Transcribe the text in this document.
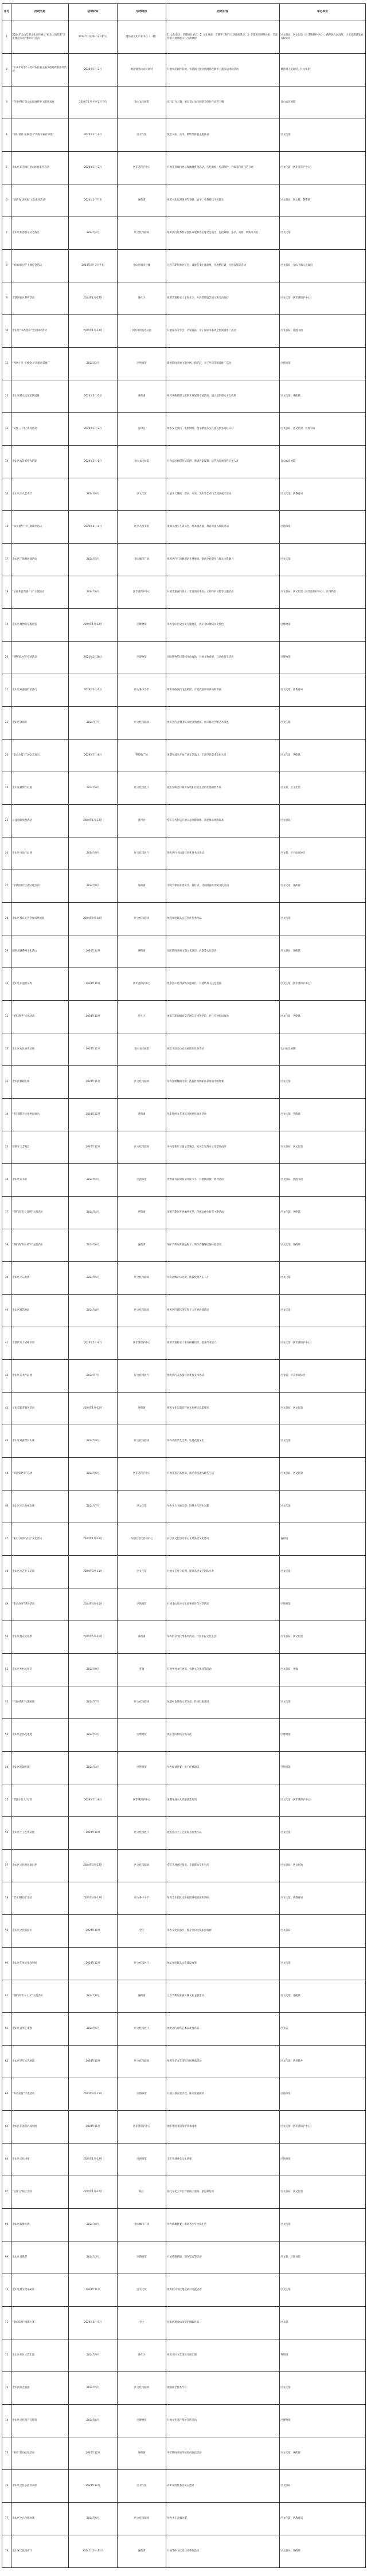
序号	活动名称	活动时间	活动地点	活动内容	举办单位
1	2024年金山非遗文化宣传展示“指尖上的非遗”非遗体验互动“金山年”活动	2024年1月20日-2月17日	漕泾镇文化产业中心（一楼）	1. 文化活动：非遗项目展示；2. 文化体验：非遗手工制作互动体验活动；3. 非遗项目进阶体验：非遗传承人现场展示与互动体验	区文旅局、区文化馆（区非遗保护中心）、漕泾镇人民政府、区文化旅游发展有限公司
2	“年来年有余”—金山农民画主题文创迎新春系列活动	2024年1月-2月	枫泾镇金山农民画村	开展农民画作品展、农民画主题文创展销及新年主题互动体验活动	枫泾镇人民政府、区文化馆
3	“喜龙纳福”金山农民画新春主题作品展	2024年1月中旬-2月下旬	金山农民画院	以“龙”为主题，展出金山农民画新春创作作品若干幅	金山农民画院
4	“辞旧迎新 福满金山”新春书画作品展	2024年1月-2月	区文化馆	展出书法、美术、摄影等新春主题作品	区文化馆
5	金山区非遗项目展示体验系列活动	2024年1月-2月	区非遗保护中心	开展非遗项目展示和体验系列活动，包括剪纸、灯彩制作、竹编等传统技艺互动	区文化馆（区非遗保护中心）
6	“迎新春 送祝福”文化惠民活动	2024年1月下旬	各街镇	组织书法家现场书写春联、福字，免费赠送市民群众	区文旅局、区文联、各街镇
7	金山区新春群众文艺演出	2024年2月	区文化馆剧场	组织区内优秀群文团队开展新春主题文艺演出，包括舞蹈、小品、戏曲、歌曲等节目	区文化馆
8	“欢乐闹元宵”主题灯会活动	2024年2月-2月下旬	金山区城市沙滩	元宵节期间举办灯会，设置各类主题灯组，开展猜灯谜、民俗表演等活动	区文旅局、金山卫镇人民政府
9	非遗进社区系列活动	2024年1月-12月	各社区	组织非遗传承人走进社区，开展非遗技艺展示和互动体验	区文化馆（区非遗保护中心）
10	金山区“书香金山”全民阅读活动	2024年1月-12月	区图书馆及各分馆	开展读书分享会、名家讲座、亲子阅读等系列全民阅读推广活动	区文旅局、区图书馆
11	“春风十里 书香金山”新春阅读推广	2024年2月	区图书馆	新春期间开展主题书展、猜灯谜、亲子共读等阅读推广活动	区图书馆
12	金山区群众文化团队展演	2024年3月-5月	各街镇	组织各街镇群文团队开展展演交流活动，展示基层群众文化成果	区文化馆、各街镇
13	“文化三下乡”系列活动	2024年1月-2月	各村居	组织文艺演出、电影放映、图书赠送等文化惠民服务进村入户	区文旅局、区文化馆、区图书馆
14	金山区农民画创作培训	2024年3月-6月	金山农民画院	开设农民画创作培训班，邀请名家授课，培养农民画创作后备人才	金山农民画院
15	金山区少儿艺术节	2024年6月	区文化馆	开展少儿舞蹈、器乐、声乐、美术等艺术门类展演展示活动	区文化馆、区教育局
16	“阅享童年”少儿阅读季活动	2024年6月-8月	区少儿图书馆	暑期开展少儿读书会、绘本剧表演、科普讲座等阅读活动	区图书馆
17	金山区广场舞展演活动	2024年5月	金山城市广场	组织区内广场舞团队开展展演，推动全民健身与群众文化融合	区文化馆
18	“文化和自然遗产日”主题活动	2024年6月	区非遗保护中心	开展非遗宣传展示、非遗项目体验、文物保护宣传等主题活动	区文旅局、区文化馆（区非遗保护中心）、区博物馆
19	金山区博物馆专题展览	2024年1月-12月	区博物馆	举办金山历史文化专题展览，展示金山地域文化特色	区博物馆
20	“博物馆之夜”夜场活动	2024年5月18日	区博物馆	国际博物馆日期间开放夜场，开展文物讲解、互动体验等活动	区博物馆
21	金山区戏曲进校园活动	2024年3月-6月	区内各中小学	组织戏曲演员走进校园，开展戏曲知识讲座和表演	区文化馆、区教育局
22	金山区合唱节	2024年7月	区文化馆剧场	组织区内合唱团队开展合唱展演，展示群众合唱艺术成果	区文化馆
23	“金山之夏”广场文艺演出	2024年7月-8月	各街镇广场	暑期每周末开展广场文艺演出，丰富市民夏季文化生活	区文化馆、各街镇
24	金山区摄影作品展	2024年8月	区文化馆展厅	展出反映金山城市发展和百姓生活的优秀摄影作品	区文联、区文化馆
25	公益电影放映活动	2024年1月-12月	各村居	全年在各村居开展公益电影放映，满足群众观影需求	区文旅局
26	金山区书法作品展	2024年9月	区文化馆展厅	展出区内书法爱好者优秀书法作品	区文联、区书法家协会
27	“中秋团圆”主题文化活动	2024年9月	各街镇	中秋节期间开展赏月、猜灯谜、诗词朗诵等传统文化活动	区文化馆、各街镇
28	金山区群众文艺创作成果展演	2024年9月-10月	区文化馆剧场	展演年度群众文艺创作优秀作品	区文化馆
29	国庆主题系列文化活动	2024年10月	各街镇	国庆期间开展主题文艺演出、展览等文化活动	区文旅局、各街镇
30	金山区非遗展示周	2024年10月	区非遗保护中心	集中展示区内各级非遗项目，开展传承人技艺展演	区文化馆（区非遗保护中心）
31	“重阳敬老”文化活动	2024年10月	各社区	重阳节期间组织文艺团队走进敬老院、社区开展慰问演出	区文化馆、各街镇
32	金山区农民画作品展	2024年11月	金山农民画院	展出年度金山农民画创作优秀作品	金山农民画院
33	金山区舞蹈大赛	2024年11月	区文化馆剧场	举办区级舞蹈比赛，选拔优秀舞蹈作品参加市级比赛	区文化馆
34	“冬日暖阳”文化惠民演出	2024年12月	各街镇	年末组织文艺团队开展惠民演出活动	区文化馆、各街镇
35	迎新年文艺晚会	2024年12月	区文化馆剧场	举办迎新年主题文艺晚会，展示全年群众文化建设成果	区文旅局、区文化馆
36	金山区读书节	2024年4月	区图书馆	世界读书日期间举办读书节，开展阅读推广系列活动	区文旅局、区图书馆
37	“我们的节日·清明”主题活动	2024年4月	各街镇	清明节期间开展缅怀先烈、传统文化体验等主题活动	区文化馆、各街镇
38	“我们的节日·端午”主题活动	2024年6月	各街镇	端午节期间开展包粽子、制作香囊等民俗体验活动	区文化馆、各街镇
39	金山区声乐大赛	2024年5月	区文化馆剧场	举办区级声乐比赛，选拔优秀声乐人才	区文化馆
40	金山区器乐展演	2024年8月	区文化馆剧场	组织区内器乐团队和个人开展展演活动	区文化馆
41	非遗传承人研修培训	2024年5月-9月	区非遗保护中心	组织非遗传承人参加研修培训，提升传承能力	区文化馆（区非遗保护中心）
42	金山区美术作品展	2024年7月	区文化馆展厅	展出区内美术爱好者优秀美术作品	区文联、区美术家协会
43	文化志愿者服务活动	2024年1月-12月	各街镇	组织文化志愿者开展文化惠民志愿服务	区文旅局、区文化馆
44	金山区戏曲票友大赛	2024年9月	区文化馆剧场	举办戏曲票友比赛，弘扬戏曲文化	区文化馆
45	“非遗购物节”活动	2024年6月	区非遗保护中心	开展非遗产品展销，推动非遗融入现代生活	区文旅局、区文化馆
46	金山区少儿书画比赛	2024年7月	区文化馆	举办少儿书画比赛，培养少儿艺术兴趣	区文化馆
47	“家门口的好去处”文化活动	2024年1月-12月	各社区文化活动中心	在社区文化活动中心开展各类文化活动	各街镇
48	金山区文艺骨干培训	2024年3月-11月	区文化馆	开展文艺骨干培训，提升基层文艺团队水平	区文化馆
49	“金山故事”讲述活动	2024年4月-10月	区图书馆	开展金山地方文化故事讲述与分享活动	区图书馆
50	金山区群众文化季	2024年5月-10月	各街镇	举办群众文化季系列活动，丰富市民文化生活	区文旅局、区文化馆
51	金山区乡村文化节	2024年9月	各镇	开展乡村文化展演、农耕文化体验等活动	区文旅局、各镇
52	“红色经典”主题展演	2024年7月	区文化馆剧场	展演红色经典文艺作品，传承红色基因	区文化馆
53	金山区民俗文化展	2024年2月	区博物馆	展示金山传统民俗文化	区博物馆
54	金山区朗诵大赛	2024年4月	区图书馆	举办朗诵比赛，推广经典诵读	区图书馆
55	“非遗小传人”培训	2024年7月-8月	区非遗保护中心	暑期开展少儿非遗技艺培训	区文化馆（区非遗保护中心）
56	金山区手工艺作品展	2024年10月	区文化馆展厅	展出区内手工艺爱好者优秀作品	区文化馆
57	金山区文化惠民演出季	2024年3月-12月	区文化馆剧场	全年开展惠民演出，丰富群众文化生活	区文旅局、区文化馆
58	“艺术进校园”活动	2024年3月-12月	区内各中小学	组织艺术团队走进校园开展展演和讲座	区文化馆、区教育局
59	金山区文化旅游节	2024年10月	全区	举办文化旅游节，推介金山文化旅游资源	区文旅局
60	金山区年度文化成果展	2024年12月	区文化馆展厅	展示年度群众文化建设成果	区文化馆
61	“我们的节日·七夕”主题活动	2024年8月	各街镇	七夕节期间开展传统文化主题活动	区文化馆、各街镇
62	金山区青年艺术展	2024年5月	区文化馆展厅	展出区内青年艺术家优秀作品	区文联
63	金山区老年文艺展演	2024年10月	区文化馆剧场	组织老年文艺团队开展展演活动	区文化馆、区老龄办
64	“书香家庭”评选活动	2024年4月-11月	区图书馆	开展书香家庭评选，推动家庭阅读	区图书馆
65	金山区非遗保护成果展	2024年11月	区非遗保护中心	展示年度非遗保护传承成果	区文化馆（区非遗保护中心）
66	金山区文化讲座	2024年1月-12月	区图书馆	全年开展各类文化讲座	区图书馆
67	“文化云”线上活动	2024年1月-12月	线上	依托文化云平台开展线上展演、展览和培训	区文旅局、区文化馆
68	金山区街舞大赛	2024年8月	金山城市广场	举办街舞比赛，丰富青少年文化生活	区文化馆
69	金山区诗歌节	2024年3月	区图书馆	开展诗歌朗诵、创作交流等活动	区文联、区图书馆
70	金山区群文理论研讨	2024年11月	区文化馆	组织群众文化理论研讨交流活动	区文化馆
71	“金山印象”摄影大赛	2024年6月-9月	全区	征集展现金山风貌的摄影作品	区文联
72	金山区社区文艺汇演	2024年9月	各社区	组织社区文艺团队开展汇演	各街镇
73	金山区曲艺展演	2024年5月	区文化馆剧场	展演曲艺优秀节目	区文化馆
74	金山区文化遗产宣传周	2024年6月	区博物馆	开展文化遗产保护宣传活动	区博物馆
75	“冬至”民俗文化活动	2024年12月	各街镇	冬至期间开展传统民俗体验活动	区文化馆、各街镇
76	金山区文化志愿者表彰	2024年12月	区文化馆	表彰年度优秀文化志愿者	区文旅局
77	金山区少儿合唱比赛	2024年6月	区文化馆剧场	举办少儿合唱比赛	区文化馆、区教育局
78	金山区文化活动月	2024年10月-11月	各街镇	开展集中文化活动月系列活动	区文旅局、各街镇
